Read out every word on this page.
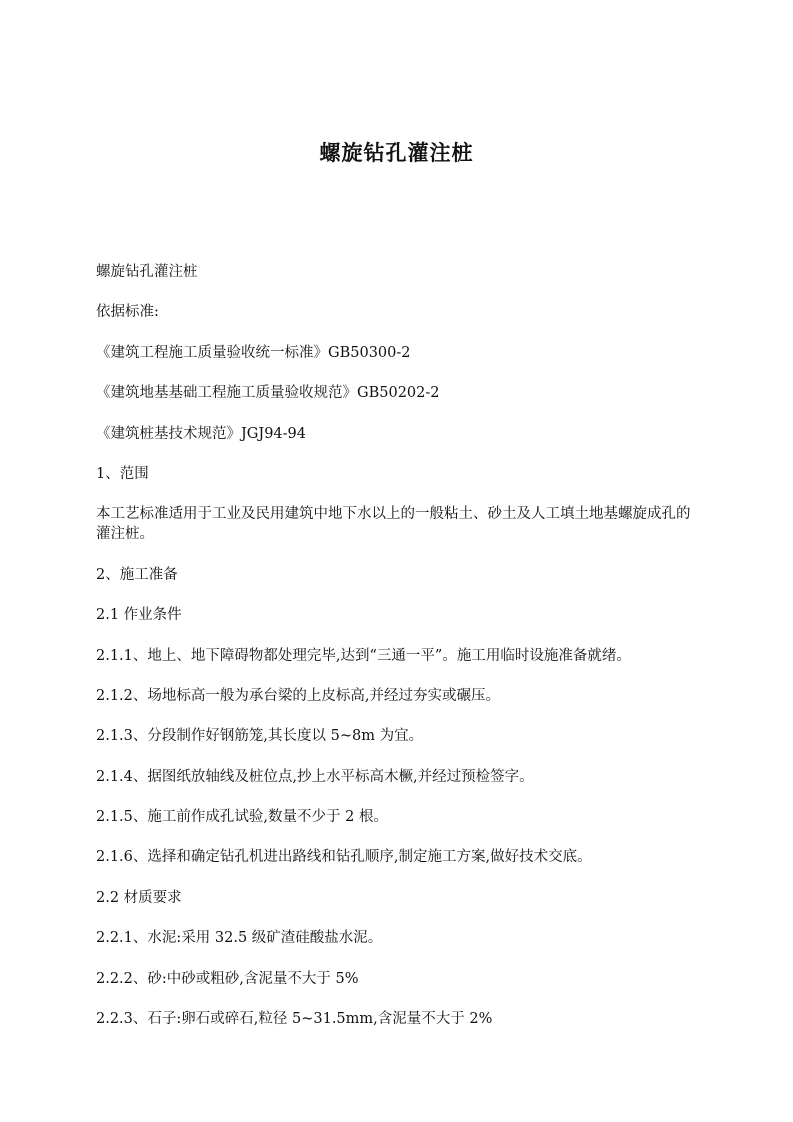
螺旋钻孔灌注桩

螺旋钻孔灌注桩

依据标准:

《建筑工程施工质量验收统一标准》GB50300-2

《建筑地基基础工程施工质量验收规范》GB50202-2

《建筑桩基技术规范》JGJ94-94

1、范围

本工艺标准适用于工业及民用建筑中地下水以上的一般粘土、砂土及人工填土地基螺旋成孔的灌注桩。

2、施工准备

2.1 作业条件

2.1.1、地上、地下障碍物都处理完毕,达到“三通一平”。施工用临时设施准备就绪。

2.1.2、场地标高一般为承台梁的上皮标高,并经过夯实或碾压。

2.1.3、分段制作好钢筋笼,其长度以 5~8m 为宜。

2.1.4、据图纸放轴线及桩位点,抄上水平标高木橛,并经过预检签字。

2.1.5、施工前作成孔试验,数量不少于 2 根。

2.1.6、选择和确定钻孔机进出路线和钻孔顺序,制定施工方案,做好技术交底。

2.2 材质要求

2.2.1、水泥:采用 32.5 级矿渣硅酸盐水泥。

2.2.2、砂:中砂或粗砂,含泥量不大于 5%

2.2.3、石子:卵石或碎石,粒径 5~31.5mm,含泥量不大于 2%
